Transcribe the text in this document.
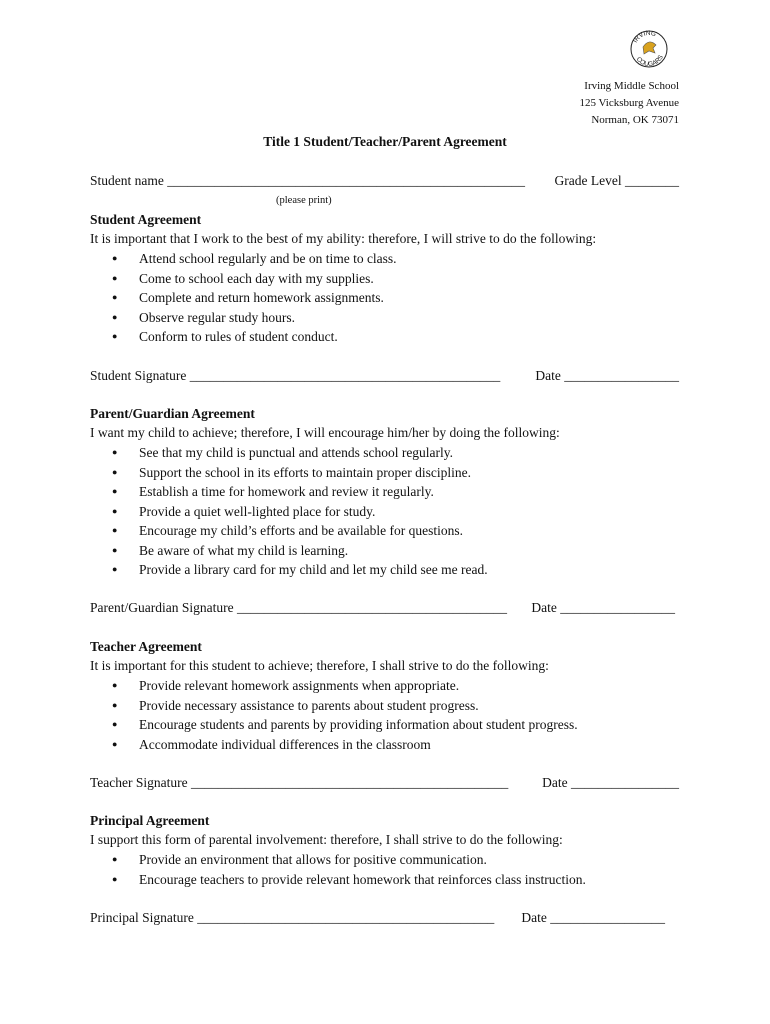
IRVING
COUGARS
Irving Middle School
125 Vicksburg Avenue
Norman, OK 73071
Title 1 Student/Teacher/Parent Agreement
Student name _____________________________________________________ Grade Level ________
(please print)
Student Agreement
It is important that I work to the best of my ability: therefore, I will strive to do the following:
● Attend school regularly and be on time to class.
● Come to school each day with my supplies.
● Complete and return homework assignments.
● Observe regular study hours.
● Conform to rules of student conduct.
Student Signature ______________________________________________	Date _________________
Parent/Guardian Agreement
I want my child to achieve; therefore, I will encourage him/her by doing the following:
● See that my child is punctual and attends school regularly.
● Support the school in its efforts to maintain proper discipline.
● Establish a time for homework and review it regularly.
● Provide a quiet well-lighted place for study.
● Encourage my child’s efforts and be available for questions.
● Be aware of what my child is learning.
● Provide a library card for my child and let my child see me read.
Parent/Guardian Signature ________________________________________ Date _________________
Teacher Agreement
It is important for this student to achieve; therefore, I shall strive to do the following:
● Provide relevant homework assignments when appropriate.
● Provide necessary assistance to parents about student progress.
● Encourage students and parents by providing information about student progress.
● Accommodate individual differences in the classroom
Teacher Signature _______________________________________________	Date ________________
Principal Agreement
I support this form of parental involvement: therefore, I shall strive to do the following:
● Provide an environment that allows for positive communication.
● Encourage teachers to provide relevant homework that reinforces class instruction.
Principal Signature ____________________________________________ Date _________________
